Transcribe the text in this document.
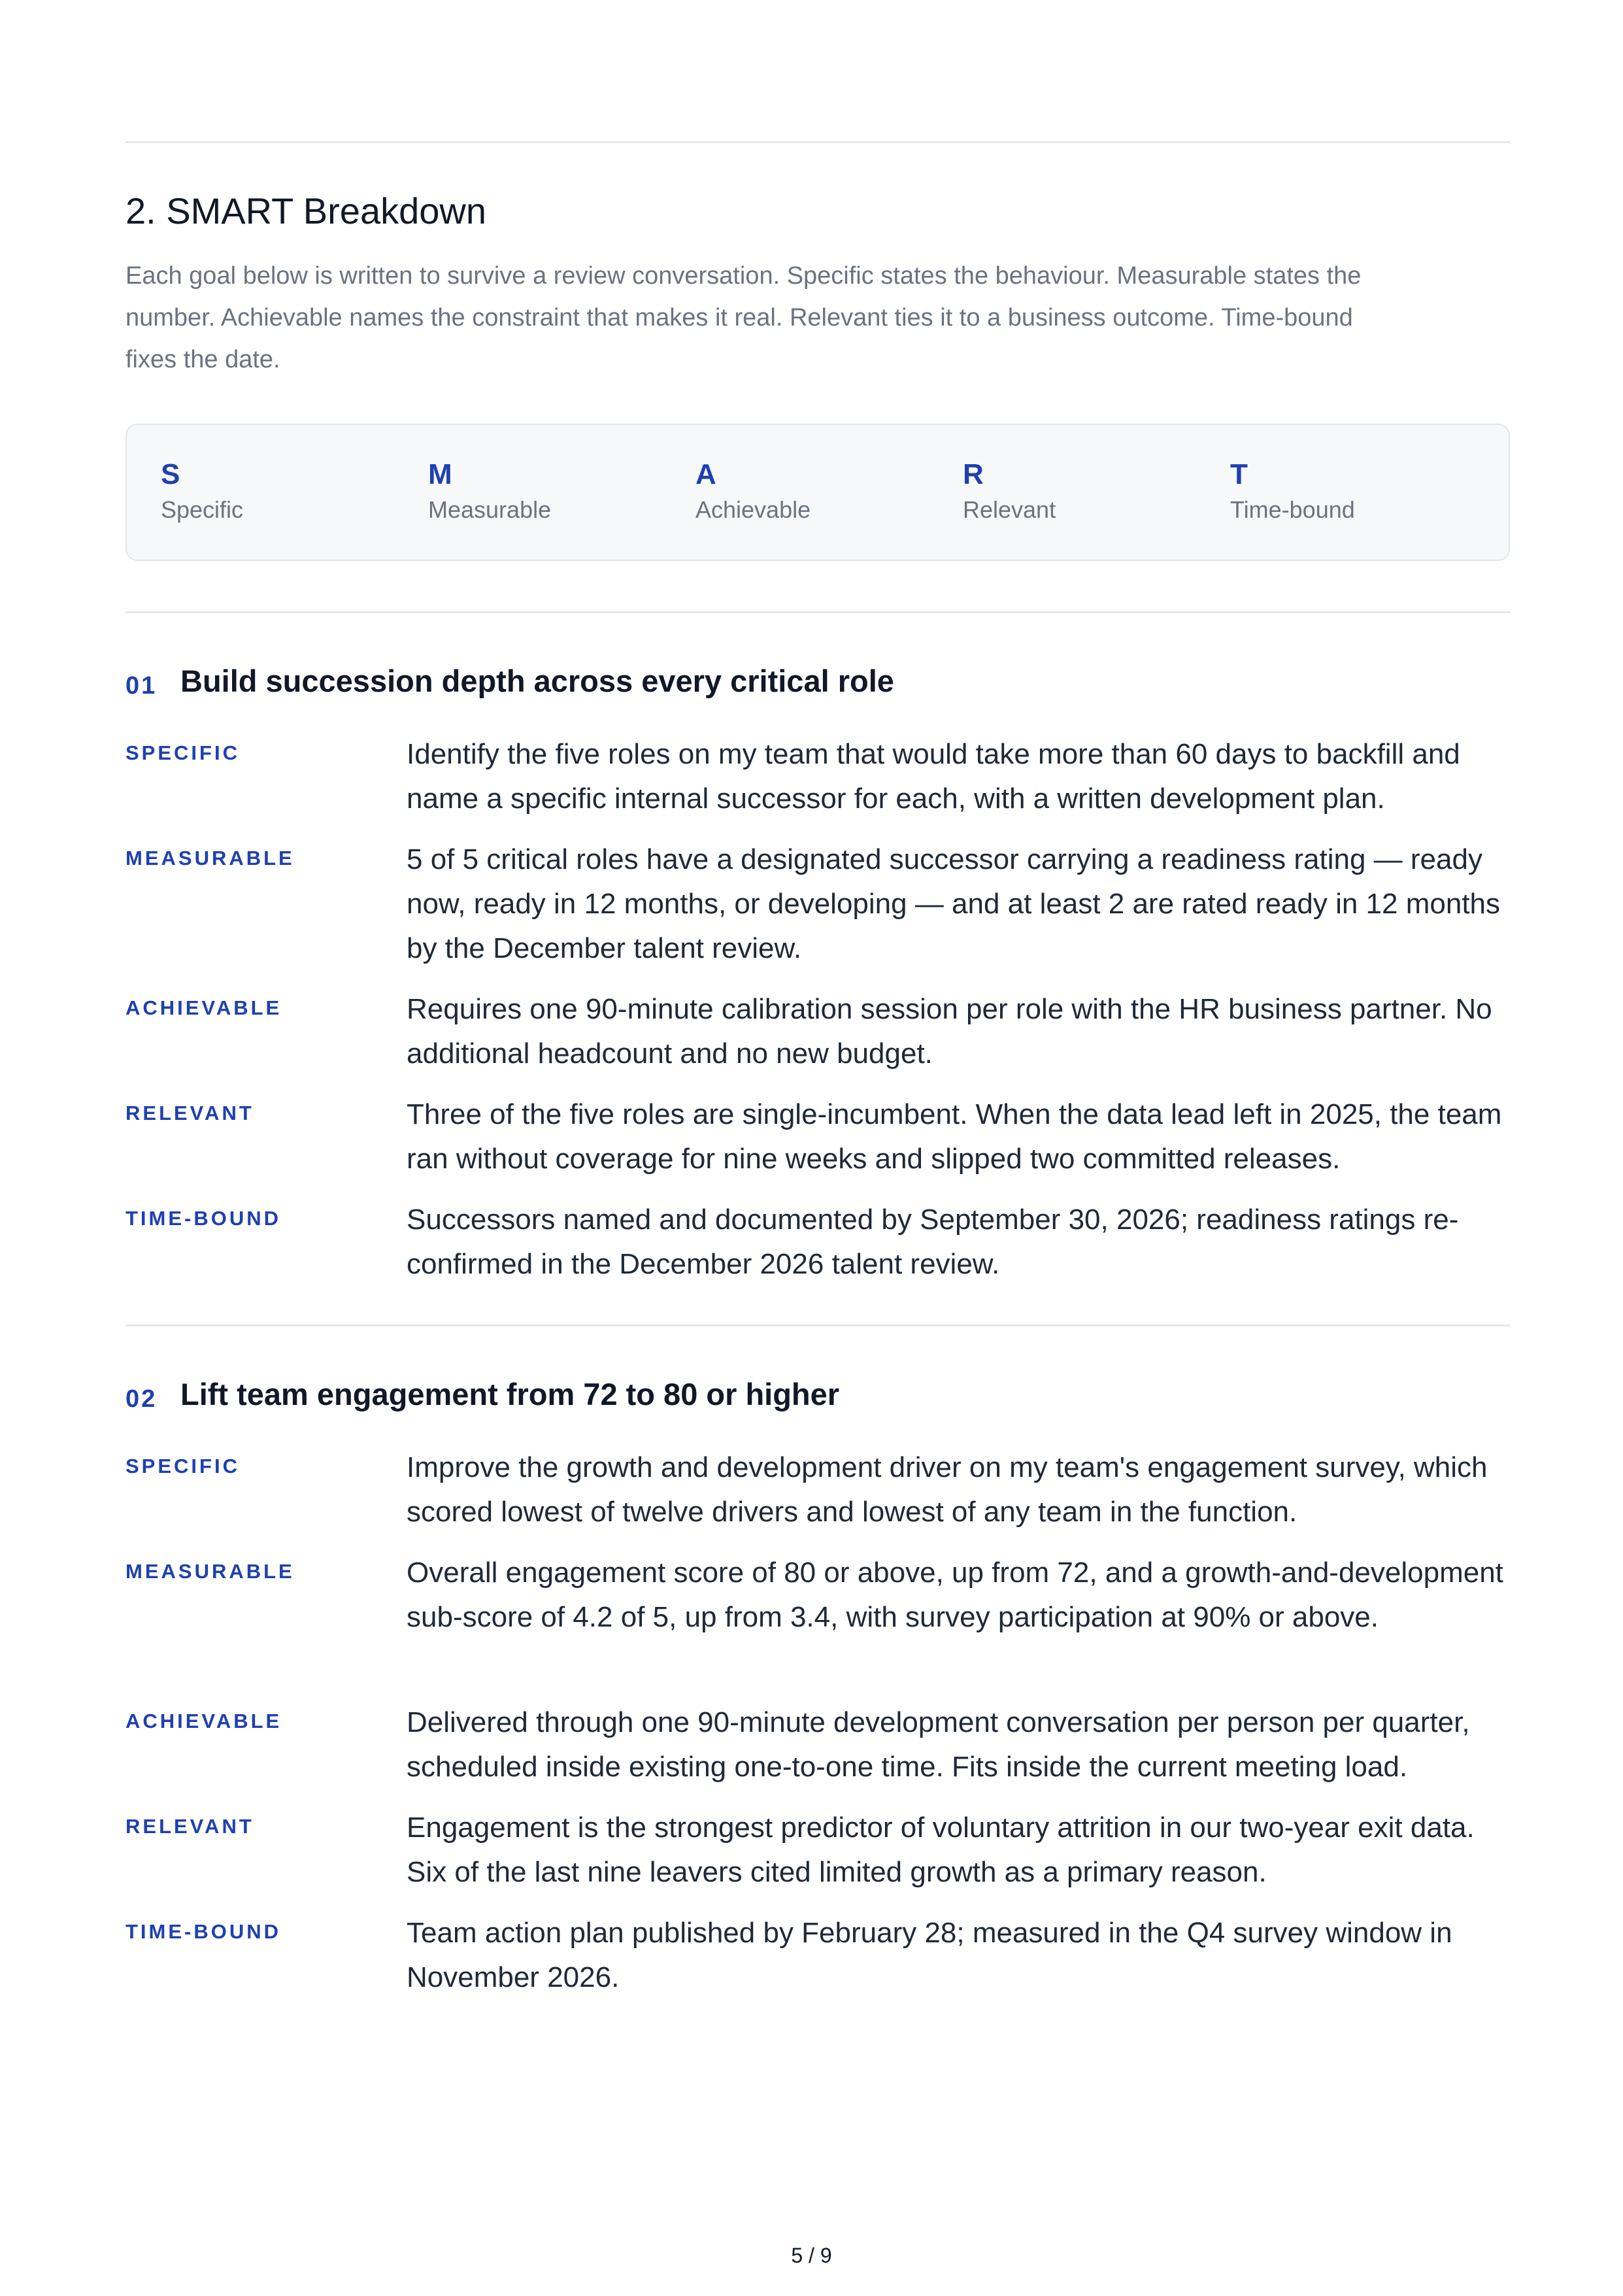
2. SMART Breakdown

Each goal below is written to survive a review conversation. Specific states the behaviour. Measurable states the number. Achievable names the constraint that makes it real. Relevant ties it to a business outcome. Time-bound fixes the date.

S
Specific
M
Measurable
A
Achievable
R
Relevant
T
Time-bound
01 Build succession depth across every critical role
SPECIFIC	Identify the five roles on my team that would take more than 60 days to backfill and name a specific internal successor for each, with a written development plan.
MEASURABLE	5 of 5 critical roles have a designated successor carrying a readiness rating — ready now, ready in 12 months, or developing — and at least 2 are rated ready in 12 months by the December talent review.
ACHIEVABLE	Requires one 90-minute calibration session per role with the HR business partner. No additional headcount and no new budget.
RELEVANT	Three of the five roles are single-incumbent. When the data lead left in 2025, the team ran without coverage for nine weeks and slipped two committed releases.
TIME-BOUND	Successors named and documented by September 30, 2026; readiness ratings re-confirmed in the December 2026 talent review.
02 Lift team engagement from 72 to 80 or higher
SPECIFIC	Improve the growth and development driver on my team's engagement survey, which scored lowest of twelve drivers and lowest of any team in the function.
MEASURABLE	Overall engagement score of 80 or above, up from 72, and a growth-and-development sub-score of 4.2 of 5, up from 3.4, with survey participation at 90% or above.
ACHIEVABLE	Delivered through one 90-minute development conversation per person per quarter, scheduled inside existing one-to-one time. Fits inside the current meeting load.
RELEVANT	Engagement is the strongest predictor of voluntary attrition in our two-year exit data. Six of the last nine leavers cited limited growth as a primary reason.
TIME-BOUND	Team action plan published by February 28; measured in the Q4 survey window in November 2026.
5 / 9
